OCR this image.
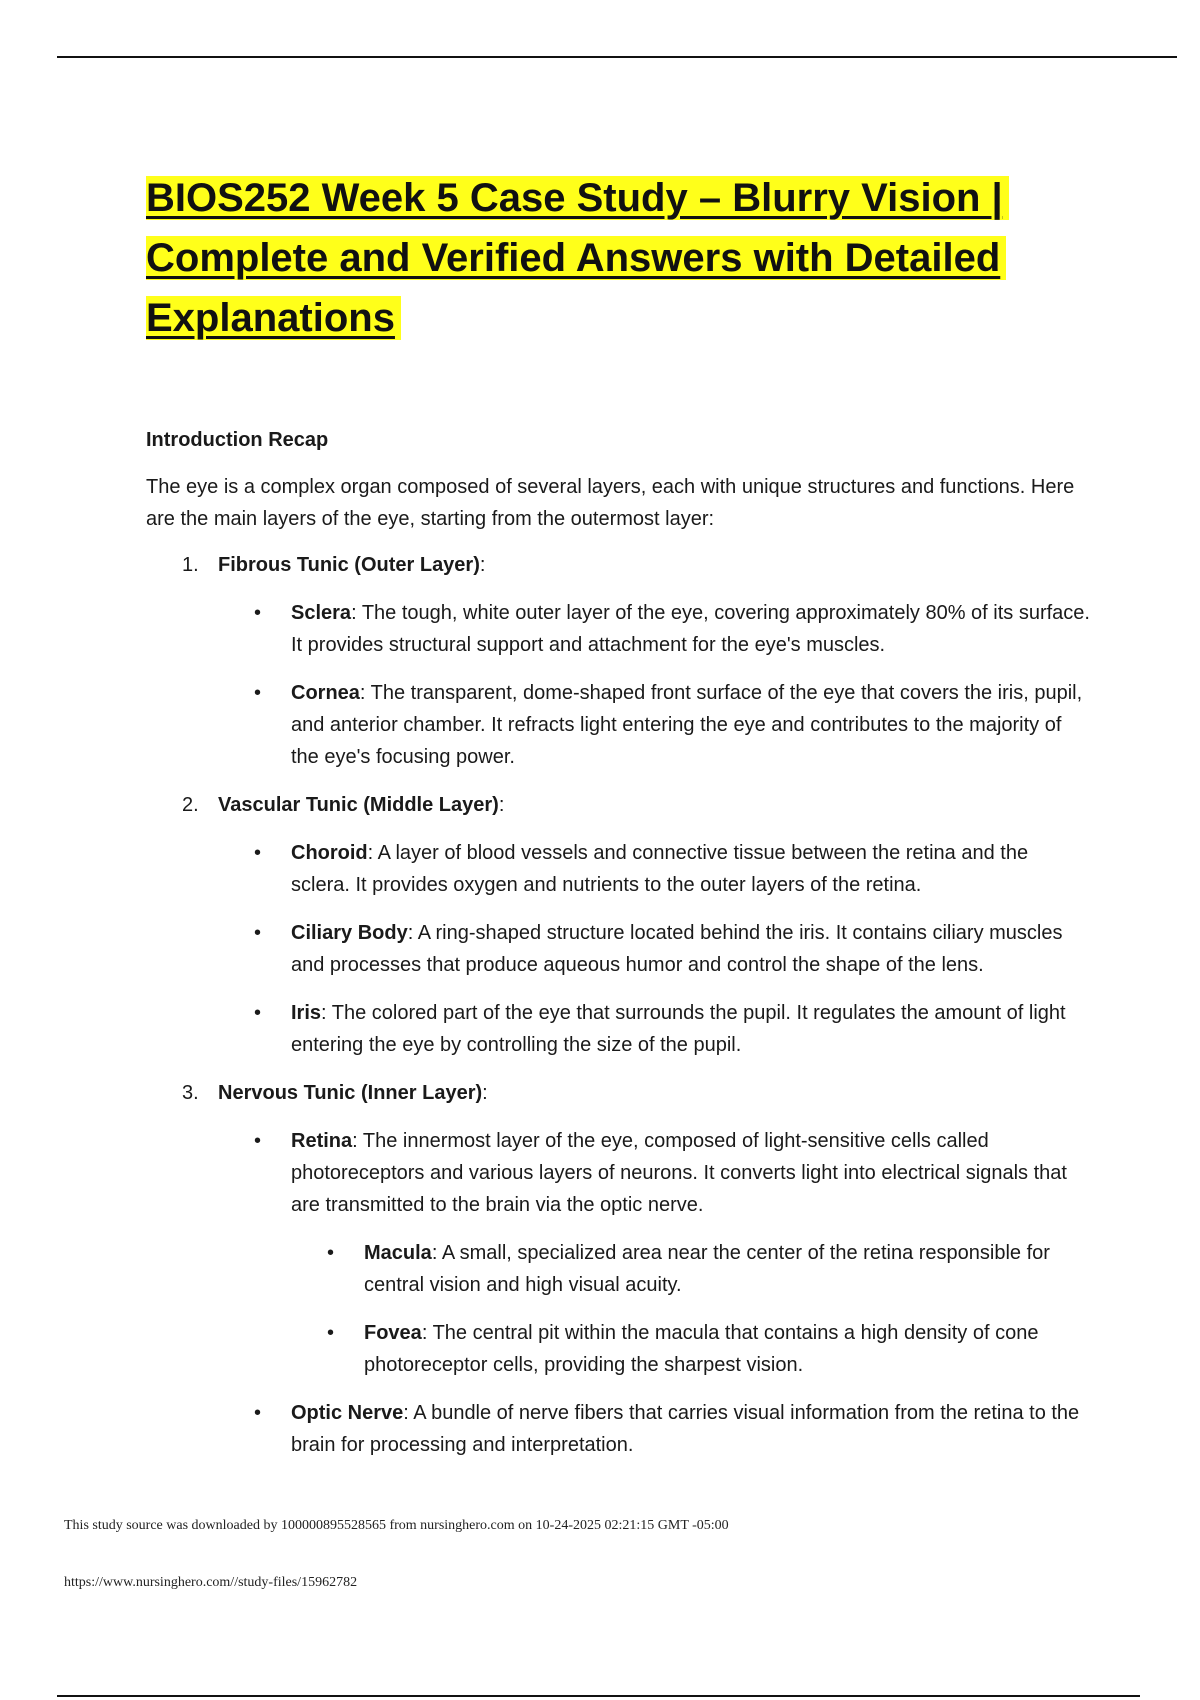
BIOS252 Week 5 Case Study – Blurry Vision |
Complete and Verified Answers with Detailed
Explanations
Introduction Recap

The eye is a complex organ composed of several layers, each with unique structures and functions. Here are the main layers of the eye, starting from the outermost layer:

1. Fibrous Tunic (Outer Layer):
• Sclera: The tough, white outer layer of the eye, covering approximately 80% of its surface. It provides structural support and attachment for the eye's muscles.
• Cornea: The transparent, dome-shaped front surface of the eye that covers the iris, pupil, and anterior chamber. It refracts light entering the eye and contributes to the majority of the eye's focusing power.
2. Vascular Tunic (Middle Layer):
• Choroid: A layer of blood vessels and connective tissue between the retina and the sclera. It provides oxygen and nutrients to the outer layers of the retina.
• Ciliary Body: A ring-shaped structure located behind the iris. It contains ciliary muscles and processes that produce aqueous humor and control the shape of the lens.
• Iris: The colored part of the eye that surrounds the pupil. It regulates the amount of light entering the eye by controlling the size of the pupil.
3. Nervous Tunic (Inner Layer):
• Retina: The innermost layer of the eye, composed of light-sensitive cells called photoreceptors and various layers of neurons. It converts light into electrical signals that are transmitted to the brain via the optic nerve.
• Macula: A small, specialized area near the center of the retina responsible for central vision and high visual acuity.
• Fovea: The central pit within the macula that contains a high density of cone photoreceptor cells, providing the sharpest vision.
• Optic Nerve: A bundle of nerve fibers that carries visual information from the retina to the brain for processing and interpretation.
This study source was downloaded by 100000895528565 from nursinghero.com on 10-24-2025 02:21:15 GMT -05:00
https://www.nursinghero.com//study-files/15962782
